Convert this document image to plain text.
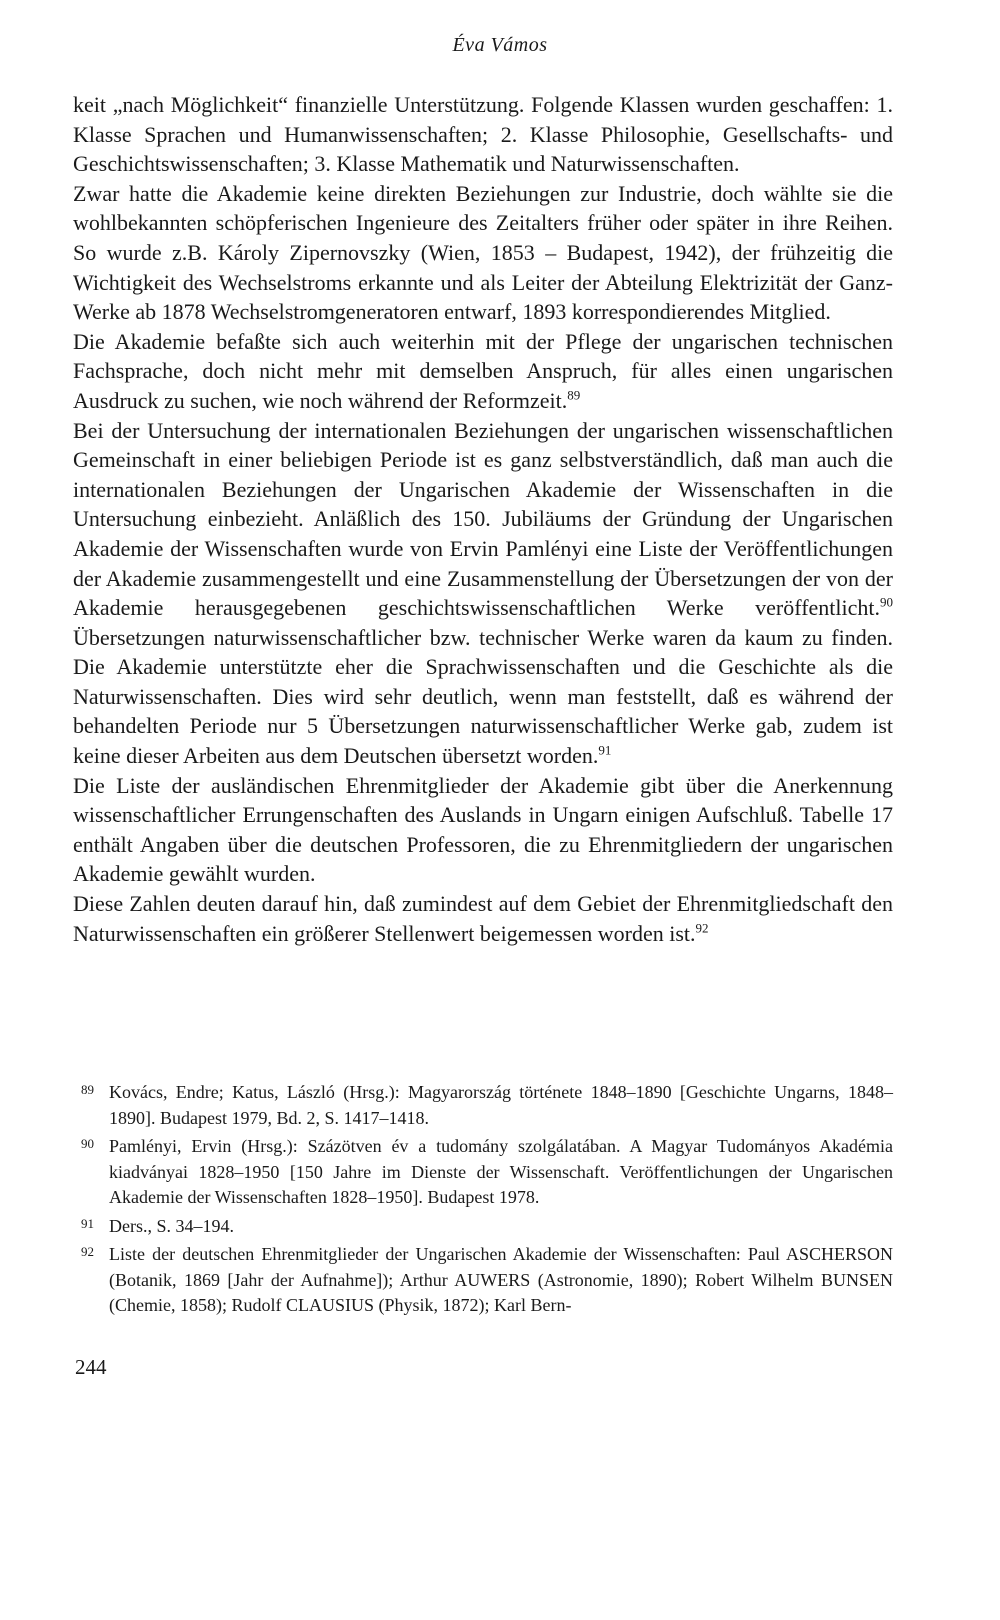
Éva Vámos

keit „nach Möglichkeit“ finanzielle Unterstützung. Folgende Klassen wurden geschaffen: 1. Klasse Sprachen und Humanwissenschaften; 2. Klasse Philosophie, Gesellschafts- und Geschichtswissenschaften; 3. Klasse Mathematik und Naturwissenschaften.

Zwar hatte die Akademie keine direkten Beziehungen zur Industrie, doch wählte sie die wohlbekannten schöpferischen Ingenieure des Zeitalters früher oder später in ihre Reihen. So wurde z.B. Károly Zipernovszky (Wien, 1853 – Budapest, 1942), der frühzeitig die Wichtigkeit des Wechselstroms erkannte und als Leiter der Abteilung Elektrizität der Ganz-Werke ab 1878 Wechselstromgeneratoren entwarf, 1893 korrespondierendes Mitglied.

Die Akademie befaßte sich auch weiterhin mit der Pflege der ungarischen technischen Fachsprache, doch nicht mehr mit demselben Anspruch, für alles einen ungarischen Ausdruck zu suchen, wie noch während der Reformzeit.$^{89}$

Bei der Untersuchung der internationalen Beziehungen der ungarischen wissenschaftlichen Gemeinschaft in einer beliebigen Periode ist es ganz selbstverständlich, daß man auch die internationalen Beziehungen der Ungarischen Akademie der Wissenschaften in die Untersuchung einbezieht. Anläßlich des 150. Jubiläums der Gründung der Ungarischen Akademie der Wissenschaften wurde von Ervin Pamlényi eine Liste der Veröffentlichungen der Akademie zusammengestellt und eine Zusammenstellung der Übersetzungen der von der Akademie herausgegebenen geschichtswissenschaftlichen Werke veröffentlicht.$^{90}$ Übersetzungen naturwissenschaftlicher bzw. technischer Werke waren da kaum zu finden. Die Akademie unterstützte eher die Sprachwissenschaften und die Geschichte als die Naturwissenschaften. Dies wird sehr deutlich, wenn man feststellt, daß es während der behandelten Periode nur 5 Übersetzungen naturwissenschaftlicher Werke gab, zudem ist keine dieser Arbeiten aus dem Deutschen übersetzt worden.$^{91}$

Die Liste der ausländischen Ehrenmitglieder der Akademie gibt über die Anerkennung wissenschaftlicher Errungenschaften des Auslands in Ungarn einigen Aufschluß. Tabelle 17 enthält Angaben über die deutschen Professoren, die zu Ehrenmitgliedern der ungarischen Akademie gewählt wurden.

Diese Zahlen deuten darauf hin, daß zumindest auf dem Gebiet der Ehrenmitgliedschaft den Naturwissenschaften ein größerer Stellenwert beigemessen worden ist.$^{92}$

89 Kovács, Endre; Katus, László (Hrsg.): Magyarország története 1848–1890 [Geschichte Ungarns, 1848–1890]. Budapest 1979, Bd. 2, S. 1417–1418.
90 Pamlényi, Ervin (Hrsg.): Százötven év a tudomány szolgálatában. A Magyar Tudományos Akadémia kiadványai 1828–1950 [150 Jahre im Dienste der Wissenschaft. Veröffentlichungen der Ungarischen Akademie der Wissenschaften 1828–1950]. Budapest 1978.
91 Ders., S. 34–194.
92 Liste der deutschen Ehrenmitglieder der Ungarischen Akademie der Wissenschaften: Paul ASCHERSON (Botanik, 1869 [Jahr der Aufnahme]); Arthur AUWERS (Astronomie, 1890); Robert Wilhelm BUNSEN (Chemie, 1858); Rudolf CLAUSIUS (Physik, 1872); Karl Bern-
244
